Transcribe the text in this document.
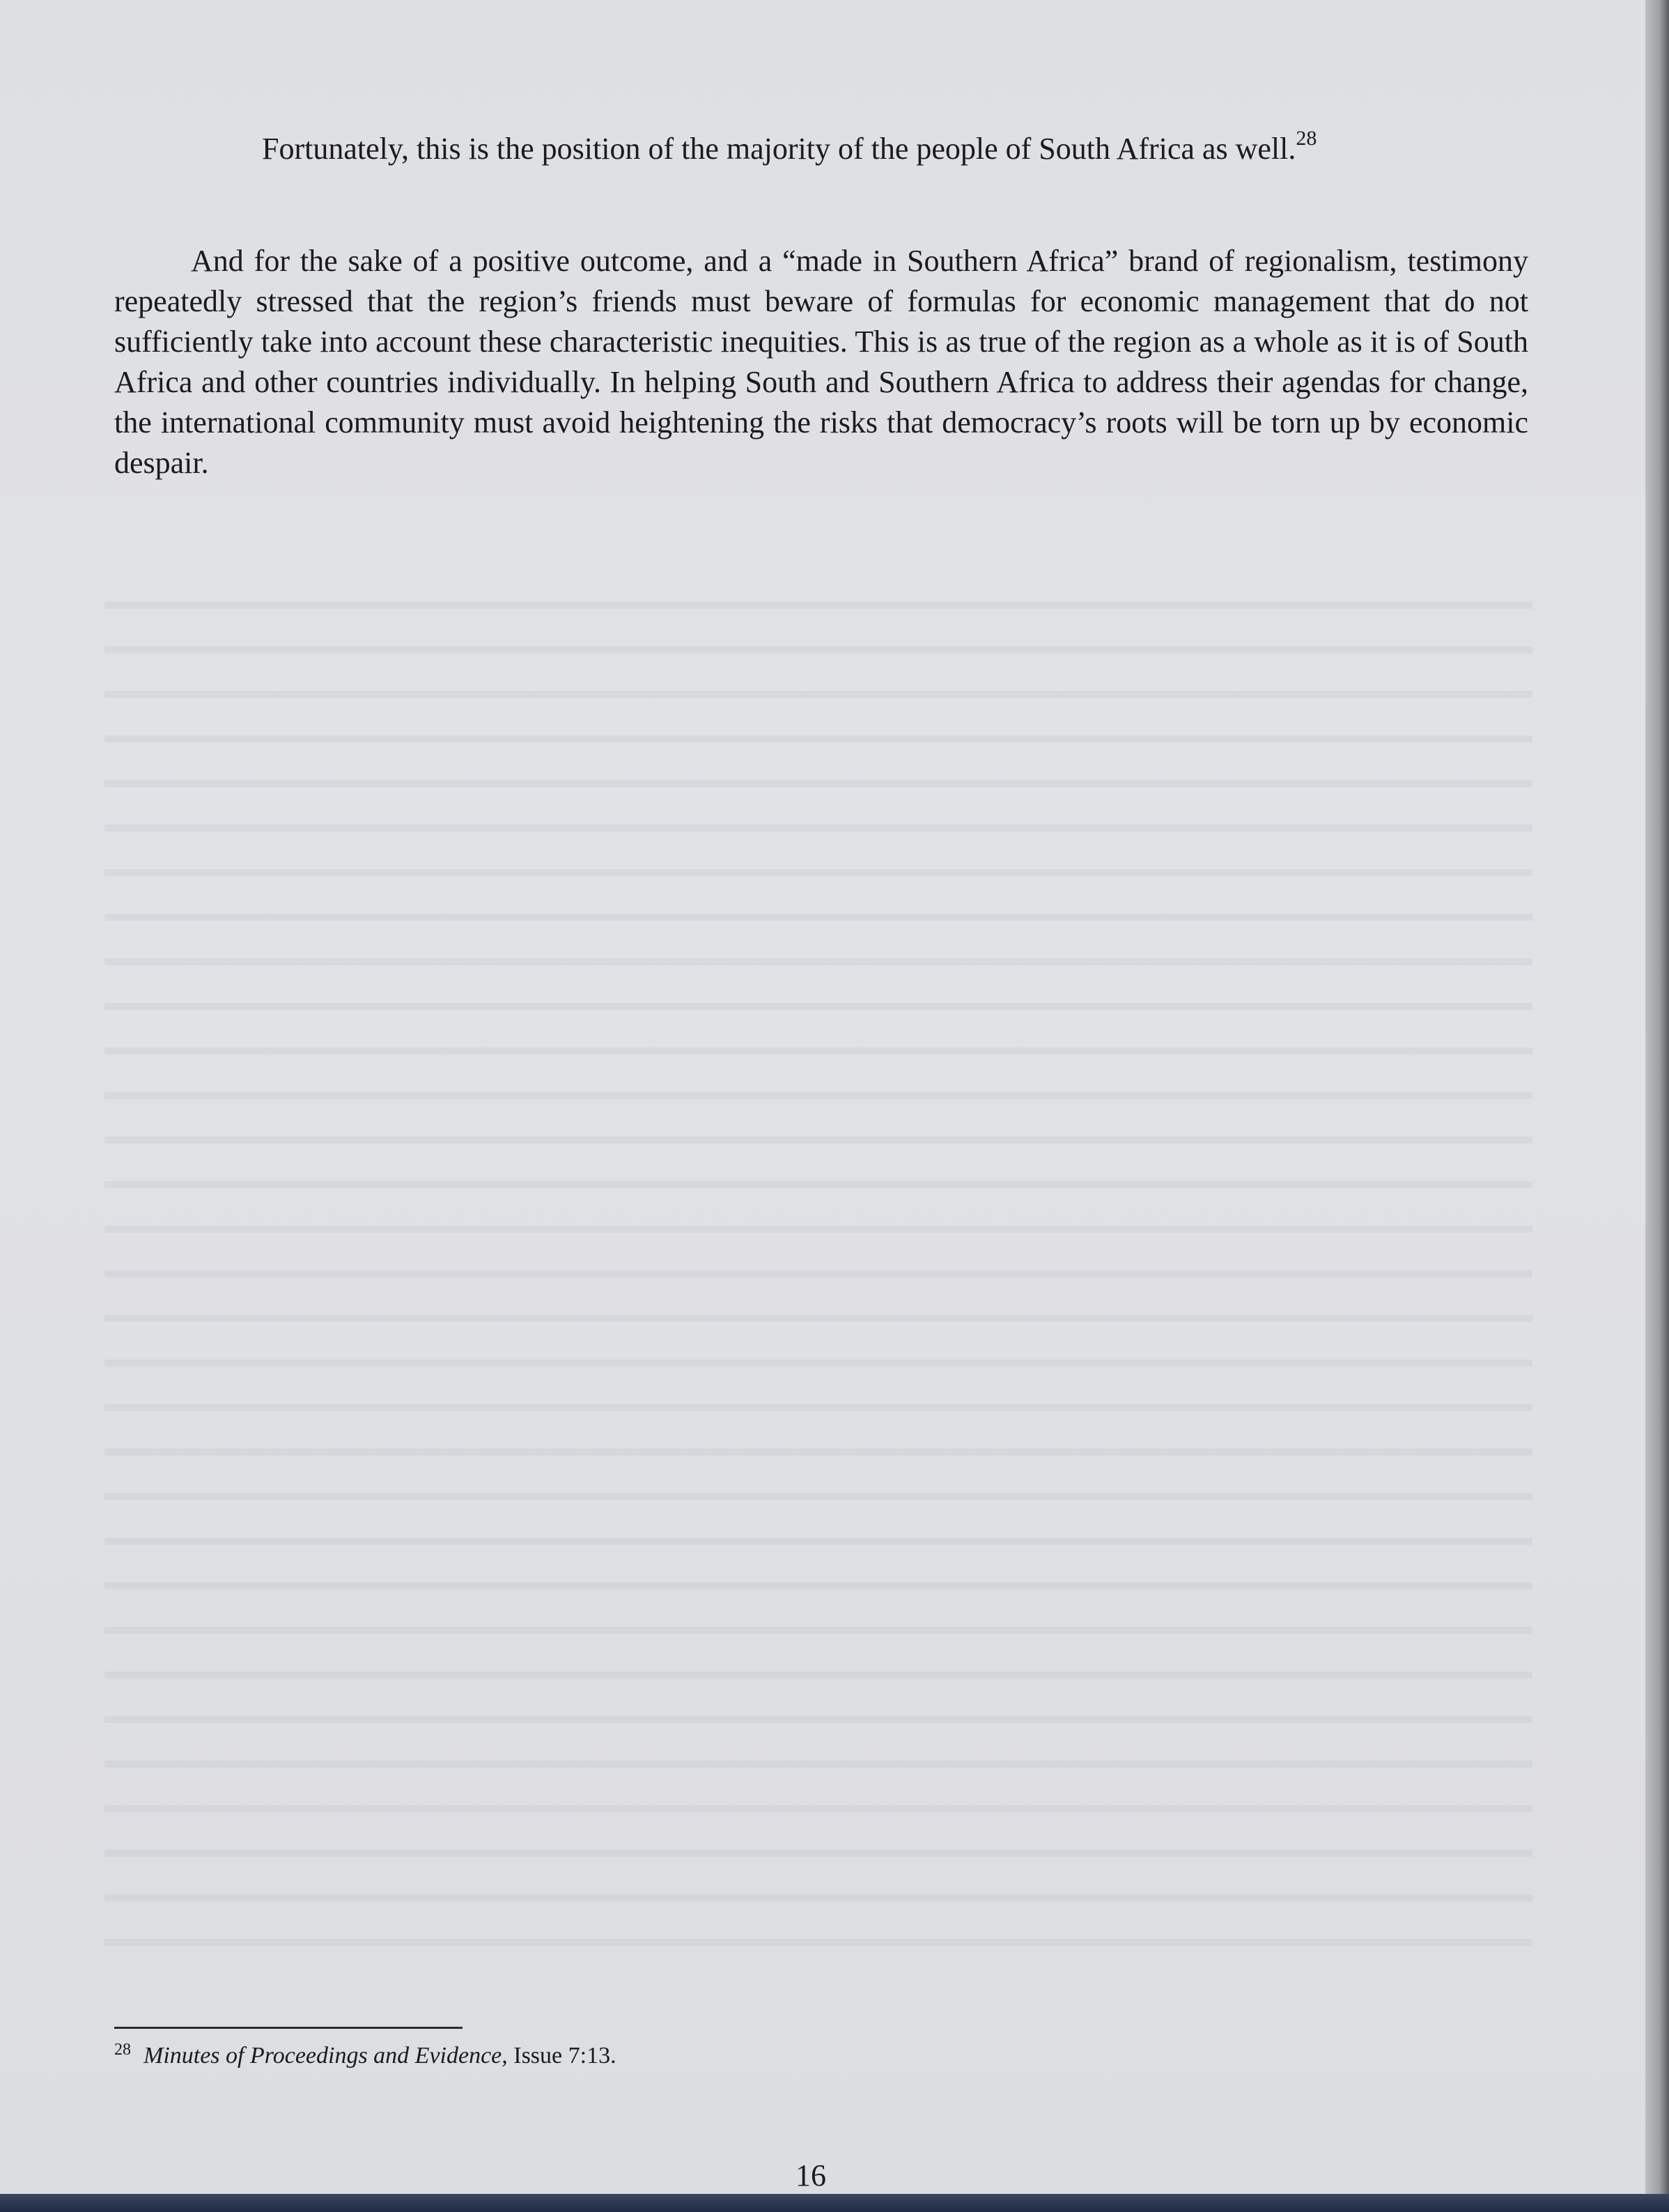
Fortunately, this is the position of the majority of the people of South Africa as well.$^{28}$
And for the sake of a positive outcome, and a “made in Southern Africa” brand of regionalism, testimony repeatedly stressed that the region’s friends must beware of formulas for economic management that do not sufficiently take into account these characteristic inequities. This is as true of the region as a whole as it is of South Africa and other countries individually. In helping South and Southern Africa to address their agendas for change, the international community must avoid heightening the risks that democracy’s roots will be torn up by economic despair.
$^{28}$ Minutes of Proceedings and Evidence, Issue 7:13.
16
